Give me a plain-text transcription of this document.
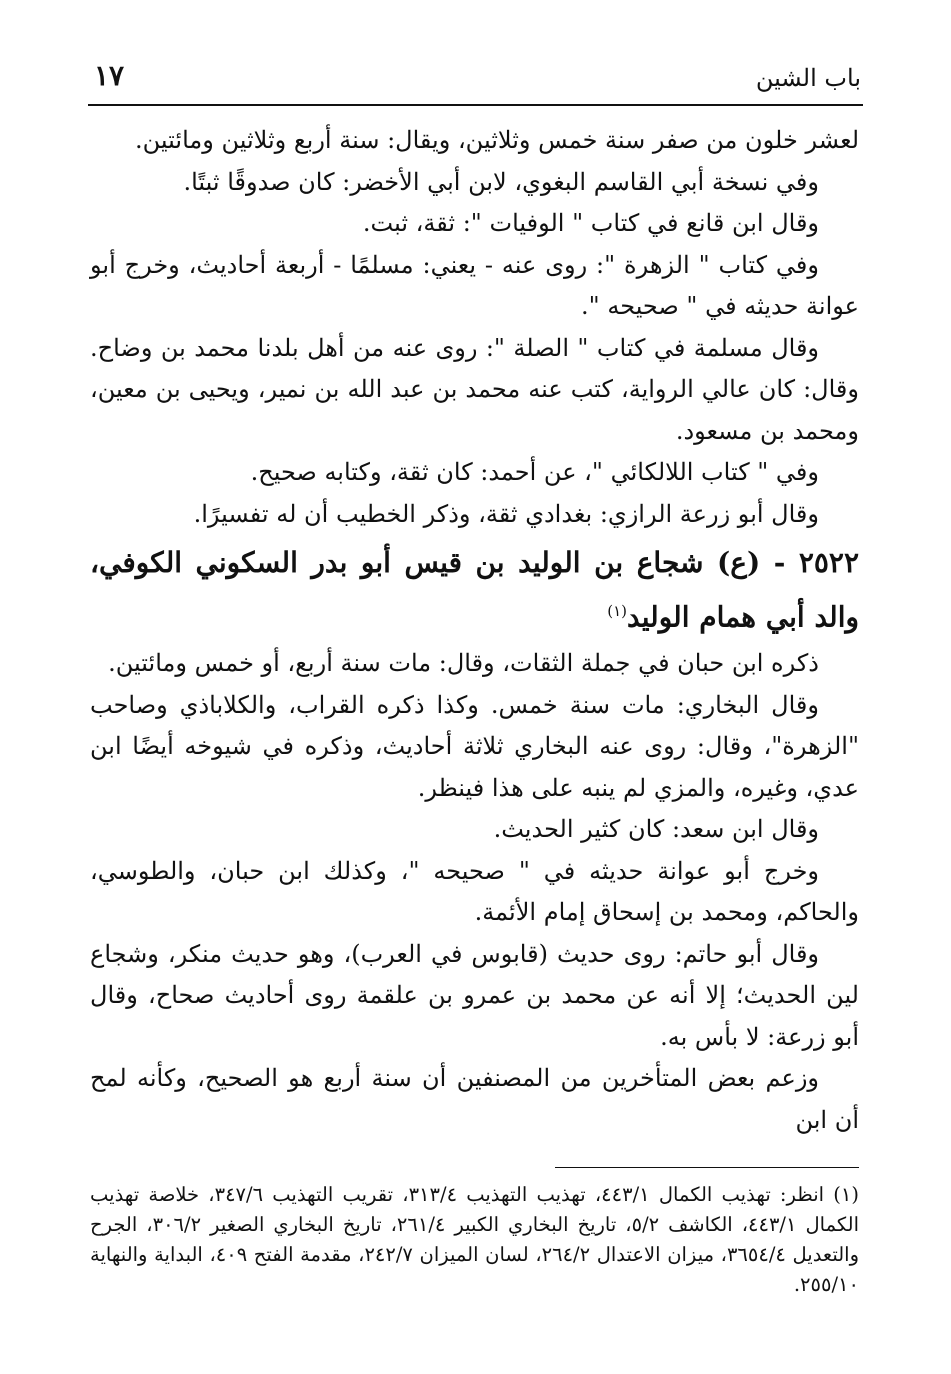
باب الشين
١٧

لعشر خلون من صفر سنة خمس وثلاثين، ويقال: سنة أربع وثلاثين ومائتين.

وفي نسخة أبي القاسم البغوي، لابن أبي الأخضر: كان صدوقًا ثبتًا.

وقال ابن قانع في كتاب " الوفيات ": ثقة، ثبت.

وفي كتاب " الزهرة ": روى عنه - يعني: مسلمًا - أربعة أحاديث، وخرج أبو عوانة حديثه في " صحيحه ".

وقال مسلمة في كتاب " الصلة ": روى عنه من أهل بلدنا محمد بن وضاح. وقال: كان عالي الرواية، كتب عنه محمد بن عبد الله بن نمير، ويحيى بن معين، ومحمد بن مسعود.

وفي " كتاب اللالكائي "، عن أحمد: كان ثقة، وكتابه صحيح.

وقال أبو زرعة الرازي: بغدادي ثقة، وذكر الخطيب أن له تفسيرًا.

٢٥٢٢ - (ع) شجاع بن الوليد بن قيس أبو بدر السكوني الكوفي، والد أبي همام الوليد$^{(١)}$

ذكره ابن حبان في جملة الثقات، وقال: مات سنة أربع، أو خمس ومائتين.

وقال البخاري: مات سنة خمس. وكذا ذكره القراب، والكلاباذي وصاحب "الزهرة"، وقال: روى عنه البخاري ثلاثة أحاديث، وذكره في شيوخه أيضًا ابن عدي، وغيره، والمزي لم ينبه على هذا فينظر.

وقال ابن سعد: كان كثير الحديث.

وخرج أبو عوانة حديثه في " صحيحه "، وكذلك ابن حبان، والطوسي، والحاكم، ومحمد بن إسحاق إمام الأئمة.

وقال أبو حاتم: روى حديث (قابوس في العرب)، وهو حديث منكر، وشجاع لين الحديث؛ إلا أنه عن محمد بن عمرو بن علقمة روى أحاديث صحاح، وقال أبو زرعة: لا بأس به.

وزعم بعض المتأخرين من المصنفين أن سنة أربع هو الصحيح، وكأنه لمح أن ابن

(١) انظر: تهذيب الكمال ٤٤٣/١، تهذيب التهذيب ٣١٣/٤، تقريب التهذيب ٣٤٧/٦، خلاصة تهذيب الكمال ٤٤٣/١، الكاشف ٥/٢، تاريخ البخاري الكبير ٢٦١/٤، تاريخ البخاري الصغير ٣٠٦/٢، الجرح والتعديل ٣٦٥٤/٤، ميزان الاعتدال ٢٦٤/٢، لسان الميزان ٢٤٢/٧، مقدمة الفتح ٤٠٩، البداية والنهاية ٢٥٥/١٠.
